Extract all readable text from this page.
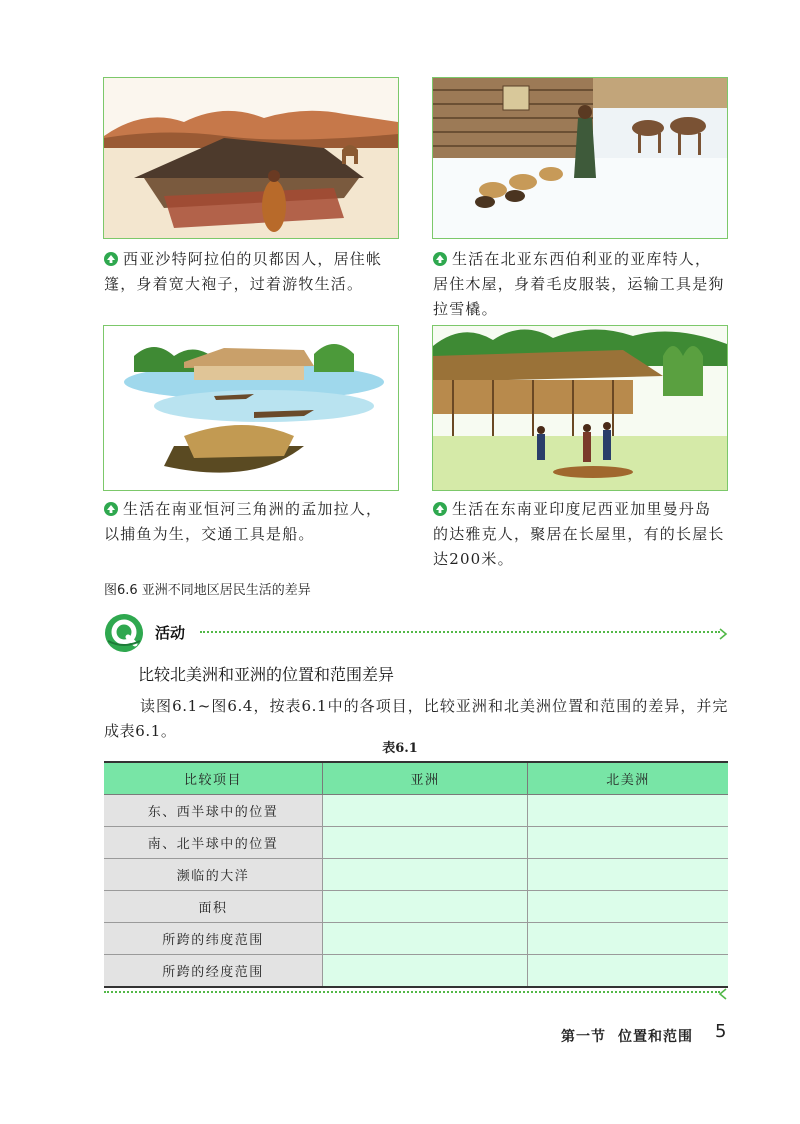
西亚沙特阿拉伯的贝都因人，居住帐篷，身着宽大袍子，过着游牧生活。
生活在北亚东西伯利亚的亚库特人，居住木屋，身着毛皮服装，运输工具是狗拉雪橇。
生活在南亚恒河三角洲的孟加拉人，以捕鱼为生，交通工具是船。
生活在东南亚印度尼西亚加里曼丹岛的达雅克人，聚居在长屋里，有的长屋长达200米。
图6.6 亚洲不同地区居民生活的差异
活动
比较北美洲和亚洲的位置和范围差异
读图6.1~图6.4，按表6.1中的各项目，比较亚洲和北美洲位置和范围的差异，并完成表6.1。
表6.1
比较项目	亚洲	北美洲
东、西半球中的位置		
南、北半球中的位置		
濒临的大洋		
面积		
所跨的纬度范围		
所跨的经度范围		
第一节 位置和范围 5
